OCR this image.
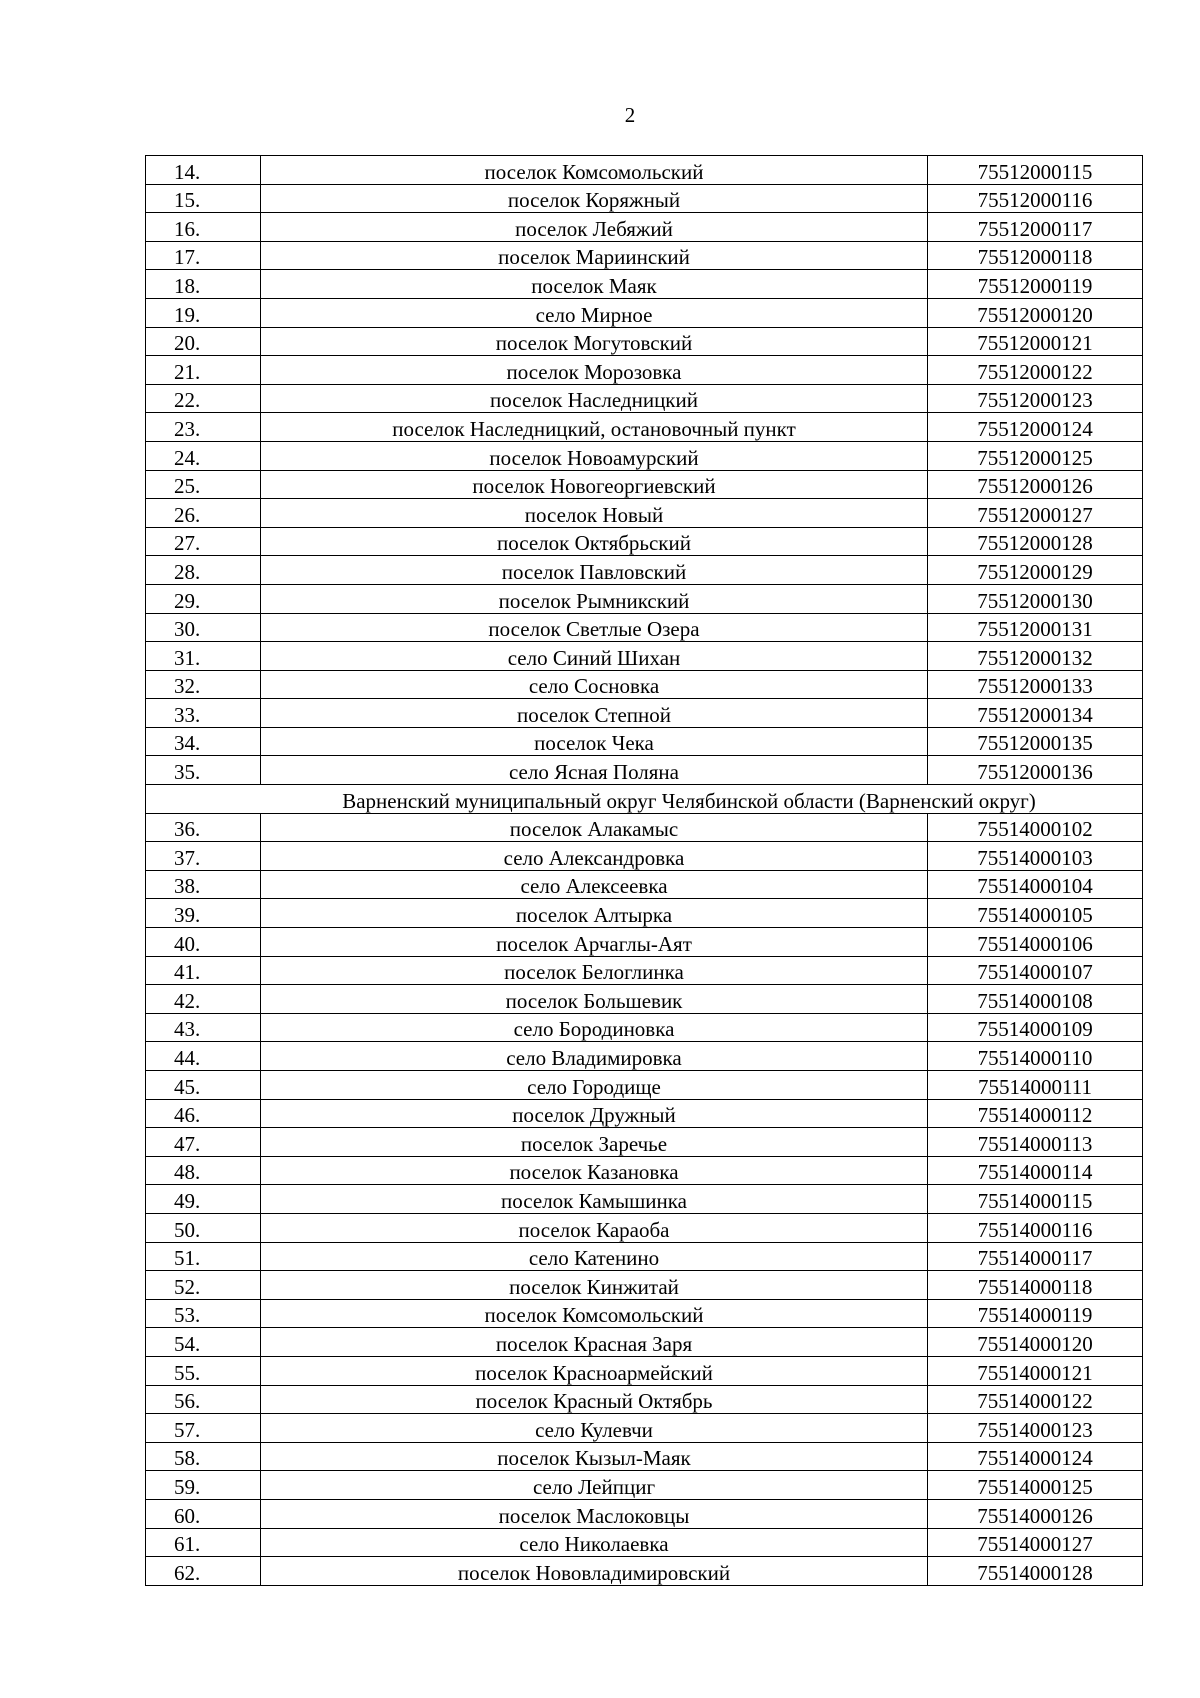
2
14.	поселок Комсомольский	75512000115
15.	поселок Коряжный	75512000116
16.	поселок Лебяжий	75512000117
17.	поселок Мариинский	75512000118
18.	поселок Маяк	75512000119
19.	село Мирное	75512000120
20.	поселок Могутовский	75512000121
21.	поселок Морозовка	75512000122
22.	поселок Наследницкий	75512000123
23.	поселок Наследницкий, остановочный пункт	75512000124
24.	поселок Новоамурский	75512000125
25.	поселок Новогеоргиевский	75512000126
26.	поселок Новый	75512000127
27.	поселок Октябрьский	75512000128
28.	поселок Павловский	75512000129
29.	поселок Рымникский	75512000130
30.	поселок Светлые Озера	75512000131
31.	село Синий Шихан	75512000132
32.	село Сосновка	75512000133
33.	поселок Степной	75512000134
34.	поселок Чека	75512000135
35.	село Ясная Поляна	75512000136
Варненский муниципальный округ Челябинской области (Варненский округ)		
36.	поселок Алакамыс	75514000102
37.	село Александровка	75514000103
38.	село Алексеевка	75514000104
39.	поселок Алтырка	75514000105
40.	поселок Арчаглы-Аят	75514000106
41.	поселок Белоглинка	75514000107
42.	поселок Большевик	75514000108
43.	село Бородиновка	75514000109
44.	село Владимировка	75514000110
45.	село Городище	75514000111
46.	поселок Дружный	75514000112
47.	поселок Заречье	75514000113
48.	поселок Казановка	75514000114
49.	поселок Камышинка	75514000115
50.	поселок Караоба	75514000116
51.	село Катенино	75514000117
52.	поселок Кинжитай	75514000118
53.	поселок Комсомольский	75514000119
54.	поселок Красная Заря	75514000120
55.	поселок Красноармейский	75514000121
56.	поселок Красный Октябрь	75514000122
57.	село Кулевчи	75514000123
58.	поселок Кызыл-Маяк	75514000124
59.	село Лейпциг	75514000125
60.	поселок Маслоковцы	75514000126
61.	село Николаевка	75514000127
62.	поселок Нововладимировский	75514000128
